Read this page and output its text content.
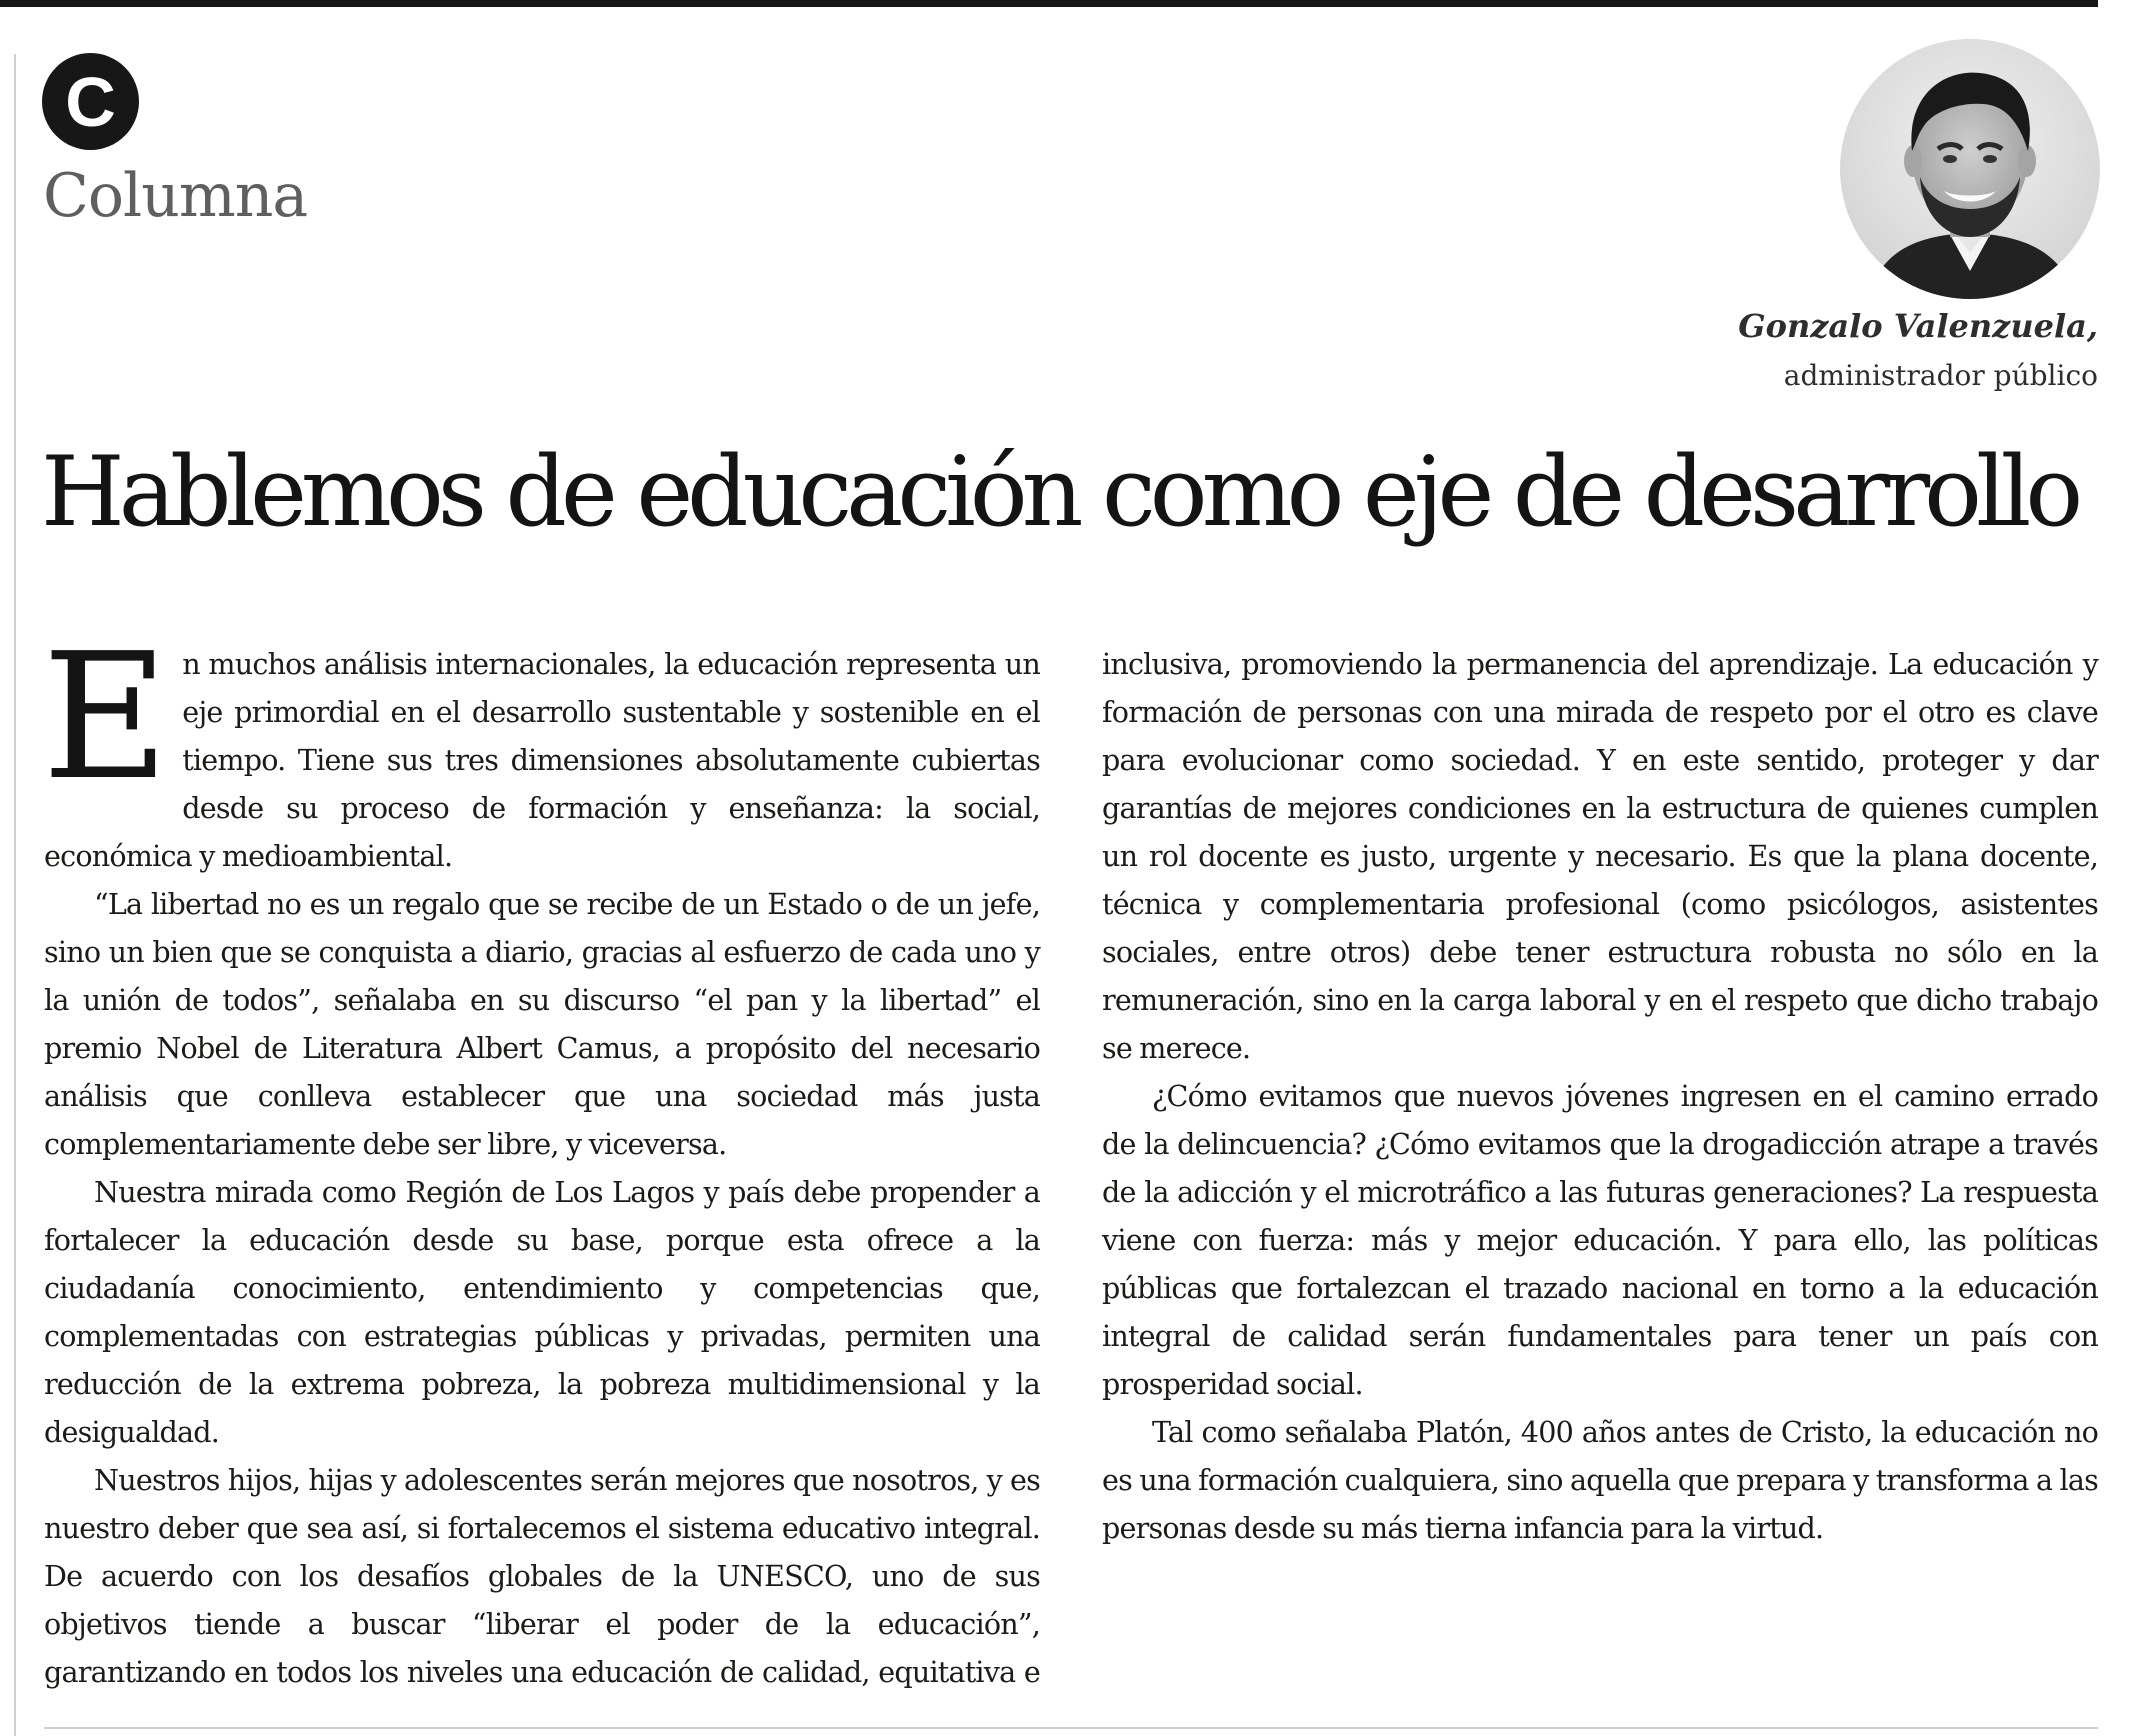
C
Columna
Gonzalo Valenzuela,
administrador público
Hablemos de educación como eje de desarrollo

En muchos análisis internacionales, la educación representa un eje primordial en el desarrollo sustentable y sostenible en el tiempo. Tiene sus tres dimensiones absolutamente cubiertas desde su proceso de formación y enseñanza: la social, económica y medioambiental.

“La libertad no es un regalo que se recibe de un Estado o de un jefe, sino un bien que se conquista a diario, gracias al esfuerzo de cada uno y la unión de todos”, señalaba en su discurso “el pan y la libertad” el premio Nobel de Literatura Albert Camus, a propósito del necesario análisis que conlleva establecer que una sociedad más justa complementariamente debe ser libre, y viceversa.

Nuestra mirada como Región de Los Lagos y país debe propender a fortalecer la educación desde su base, porque esta ofrece a la ciudadanía conocimiento, entendimiento y competencias que, complementadas con estrategias públicas y privadas, permiten una reducción de la extrema pobreza, la pobreza multidimensional y la desigualdad.

Nuestros hijos, hijas y adolescentes serán mejores que nosotros, y es nuestro deber que sea así, si fortalecemos el sistema educativo integral. De acuerdo con los desafíos globales de la UNESCO, uno de sus objetivos tiende a buscar “liberar el poder de la educación”, garantizando en todos los niveles una educación de calidad, equitativa e inclusiva, promoviendo la permanencia del aprendizaje. La educación y formación de personas con una mirada de respeto por el otro es clave para evolucionar como sociedad. Y en este sentido, proteger y dar garantías de mejores condiciones en la estructura de quienes cumplen un rol docente es justo, urgente y necesario. Es que la plana docente, técnica y complementaria profesional (como psicólogos, asistentes sociales, entre otros) debe tener estructura robusta no sólo en la remuneración, sino en la carga laboral y en el respeto que dicho trabajo se merece.

¿Cómo evitamos que nuevos jóvenes ingresen en el camino errado de la delincuencia? ¿Cómo evitamos que la drogadicción atrape a través de la adicción y el microtráfico a las futuras generaciones? La respuesta viene con fuerza: más y mejor educación. Y para ello, las políticas públicas que fortalezcan el trazado nacional en torno a la educación integral de calidad serán fundamentales para tener un país con prosperidad social.

Tal como señalaba Platón, 400 años antes de Cristo, la educación no es una formación cualquiera, sino aquella que prepara y transforma a las personas desde su más tierna infancia para la virtud.
